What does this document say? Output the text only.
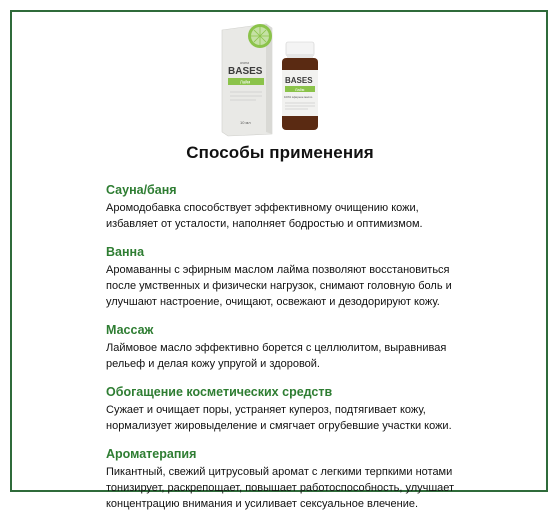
aroma
BASES
Лайм
10 мл
BASES
Лайм
100% эфирное масло
Способы применения
Сауна/баня

Аромодобавка способствует эффективному очищению кожи, избавляет от усталости, наполняет бодростью и оптимизмом.

Ванна

Аромаванны с эфирным маслом лайма позволяют восстановиться после умственных и физически нагрузок, снимают головную боль и улучшают настроение, очищают, освежают и дезодорируют кожу.

Массаж

Лаймовое масло эффективно борется с целлюлитом, выравнивая рельеф и делая кожу упругой и здоровой.

Обогащение косметических средств

Сужает и очищает поры, устраняет купероз, подтягивает кожу, нормализует жировыделение и смягчает огрубевшие участки кожи.

Ароматерапия

Пикантный, свежий цитрусовый аромат с легкими терпкими нотами тонизирует, раскрепощает, повышает работоспособность, улучшает концентрацию внимания и усиливает сексуальное влечение.
